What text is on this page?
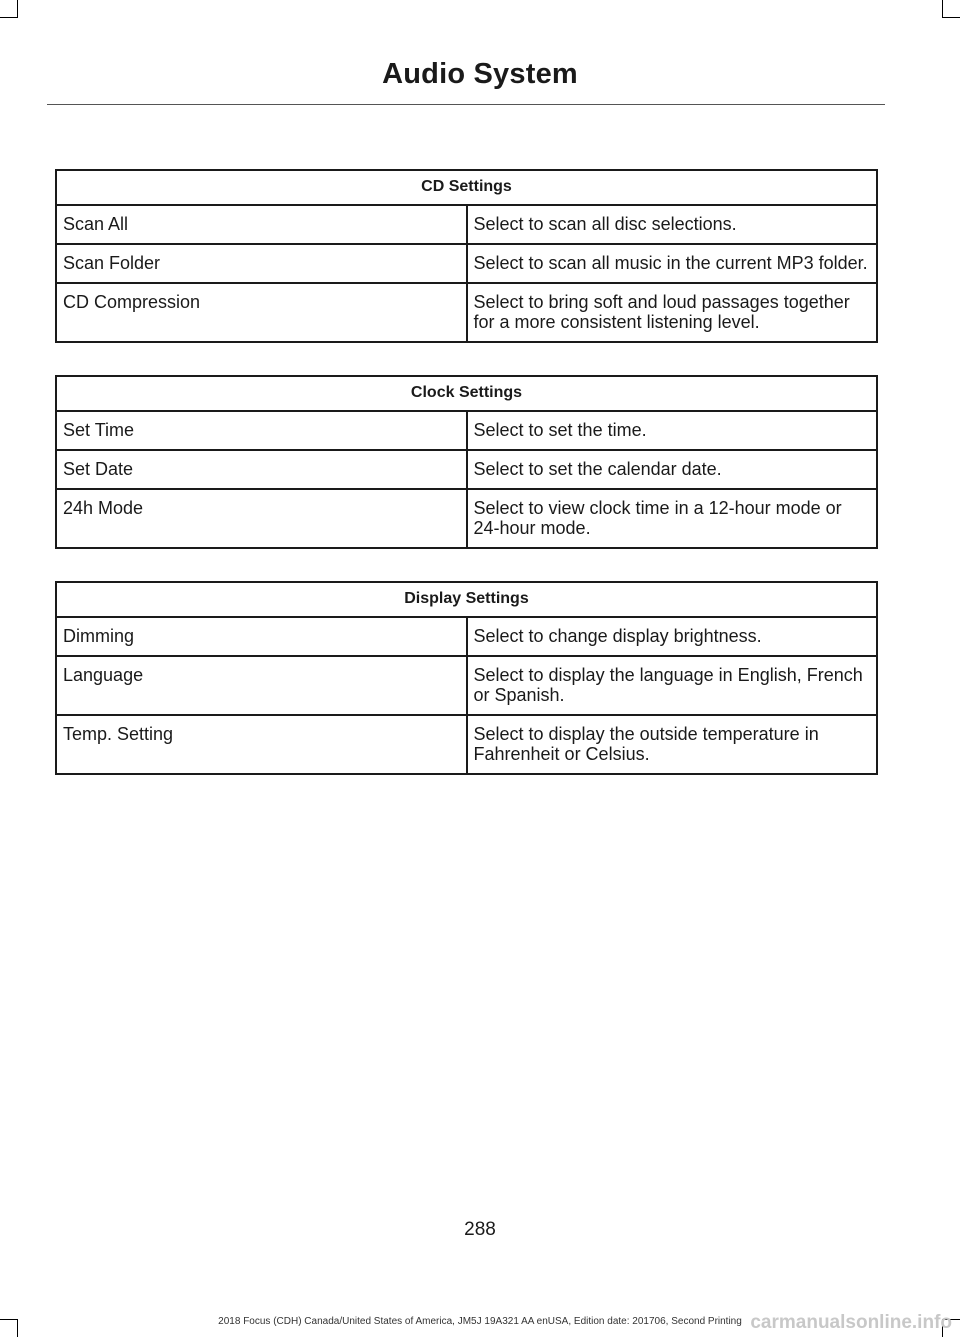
Audio System
CD Settings	
Scan All	Select to scan all disc selections.
Scan Folder	Select to scan all music in the current MP3 folder.
CD Compression	Select to bring soft and loud passages together for a more consistent listening level.
Clock Settings	
Set Time	Select to set the time.
Set Date	Select to set the calendar date.
24h Mode	Select to view clock time in a 12-hour mode or 24-hour mode.
Display Settings	
Dimming	Select to change display brightness.
Language	Select to display the language in English, French or Spanish.
Temp. Setting	Select to display the outside temperature in Fahrenheit or Celsius.
288
2018 Focus (CDH) Canada/United States of America, JM5J 19A321 AA enUSA, Edition date: 201706, Second Printing carmanualsonline.info
